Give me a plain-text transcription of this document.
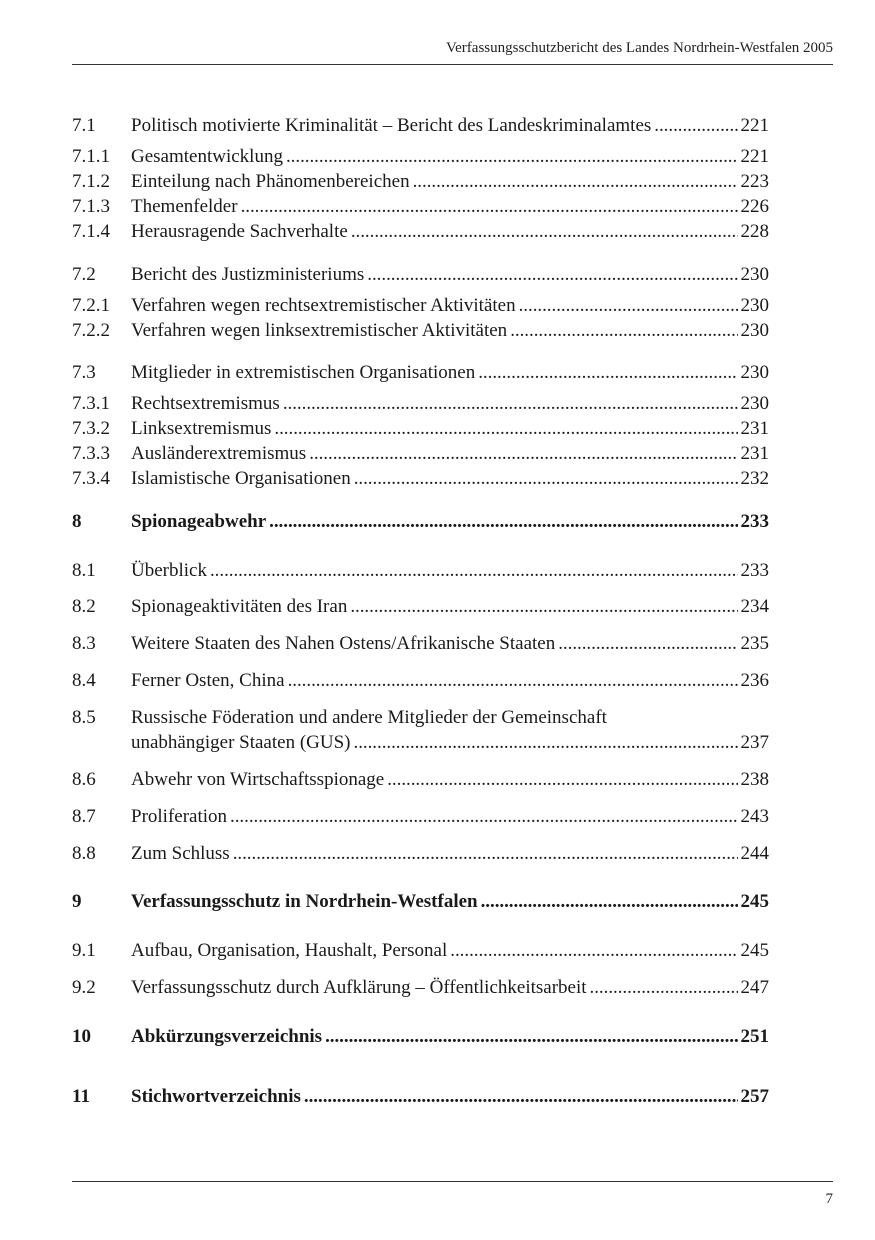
Verfassungsschutzbericht des Landes Nordrhein-Westfalen 2005
7.1 Politisch motivierte Kriminalität – Bericht des Landeskriminalamtes . . .	221
7.1.1 Gesamtentwicklung . . .	221
7.1.2 Einteilung nach Phänomenbereichen . . .	223
7.1.3 Themenfelder . . .	226
7.1.4 Herausragende Sachverhalte . . .	228
7.2 Bericht des Justizministeriums . . .	230
7.2.1 Verfahren wegen rechtsextremistischer Aktivitäten . . .	230
7.2.2 Verfahren wegen linksextremistischer Aktivitäten . . .	230
7.3 Mitglieder in extremistischen Organisationen . . .	230
7.3.1 Rechtsextremismus . . .	230
7.3.2 Linksextremismus . . .	231
7.3.3 Ausländerextremismus . . .	231
7.3.4 Islamistische Organisationen . . .	232
8	Spionageabwehr . . .	233
8.1 Überblick . . .	233
8.2 Spionageaktivitäten des Iran . . .	234
8.3 Weitere Staaten des Nahen Ostens/Afrikanische Staaten . . .	235
8.4 Ferner Osten, China . . .	236
8.5 Russische Föderation und andere Mitglieder der Gemeinschaft
unabhängiger Staaten (GUS) . . .	237
8.6 Abwehr von Wirtschaftsspionage . . .	238
8.7 Proliferation . . .	243
8.8 Zum Schluss . . .	244
9	Verfassungsschutz in Nordrhein-Westfalen . . .	245
9.1 Aufbau, Organisation, Haushalt, Personal . . .	245
9.2 Verfassungsschutz durch Aufklärung – Öffentlichkeitsarbeit . . .	247
10 Abkürzungsverzeichnis . . .	251
11 Stichwortverzeichnis . . .	257
7
